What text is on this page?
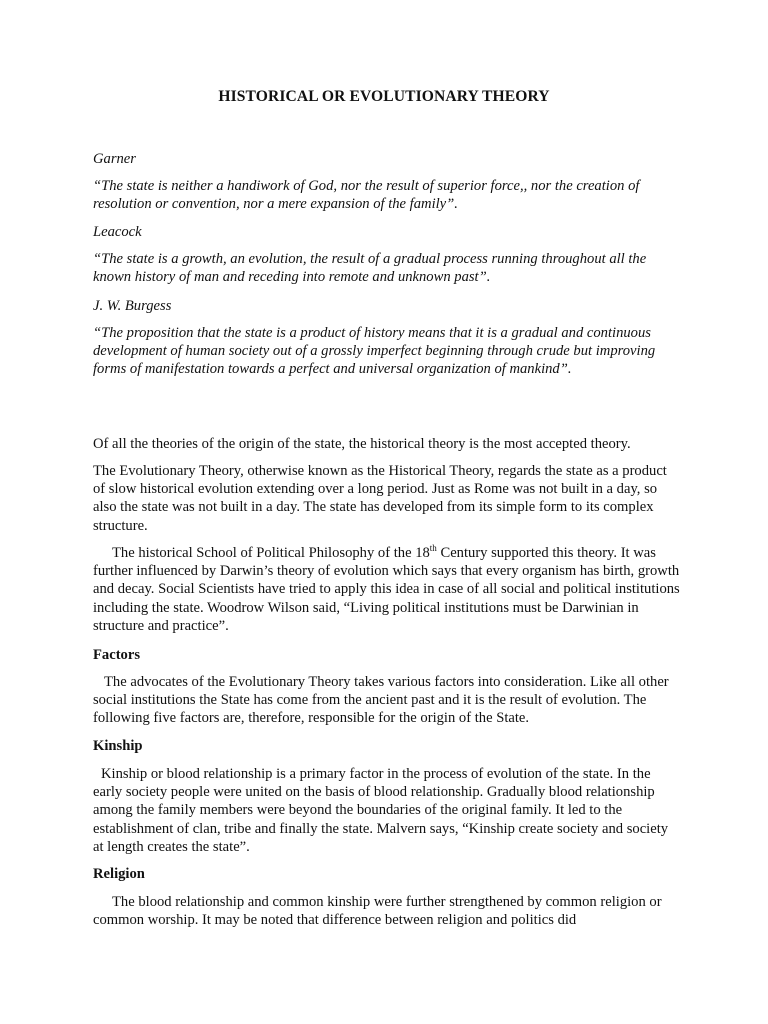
HISTORICAL OR EVOLUTIONARY THEORY

Garner

“The state is neither a handiwork of God, nor the result of superior force,, nor the creation of resolution or convention, nor a mere expansion of the family”.

Leacock

“The state is a growth, an evolution, the result of a gradual process running throughout all the known history of man and receding into remote and unknown past”.

J. W. Burgess

“The proposition that the state is a product of history means that it is a gradual and continuous development of human society out of a grossly imperfect beginning through crude but improving forms of manifestation towards a perfect and universal organization of mankind”.

Of all the theories of the origin of the state, the historical theory is the most accepted theory.

The Evolutionary Theory, otherwise known as the Historical Theory, regards the state as a product of slow historical evolution extending over a long period. Just as Rome was not built in a day, so also the state was not built in a day. The state has developed from its simple form to its complex structure.

The historical School of Political Philosophy of the 18th Century supported this theory. It was further influenced by Darwin’s theory of evolution which says that every organism has birth, growth and decay. Social Scientists have tried to apply this idea in case of all social and political institutions including the state. Woodrow Wilson said, “Living political institutions must be Darwinian in structure and practice”.

Factors

The advocates of the Evolutionary Theory takes various factors into consideration. Like all other social institutions the State has come from the ancient past and it is the result of evolution. The following five factors are, therefore, responsible for the origin of the State.

Kinship

Kinship or blood relationship is a primary factor in the process of evolution of the state. In the early society people were united on the basis of blood relationship. Gradually blood relationship among the family members were beyond the boundaries of the original family. It led to the establishment of clan, tribe and finally the state. Malvern says, “Kinship create society and society at length creates the state”.

Religion

The blood relationship and common kinship were further strengthened by common religion or common worship. It may be noted that difference between religion and politics did
